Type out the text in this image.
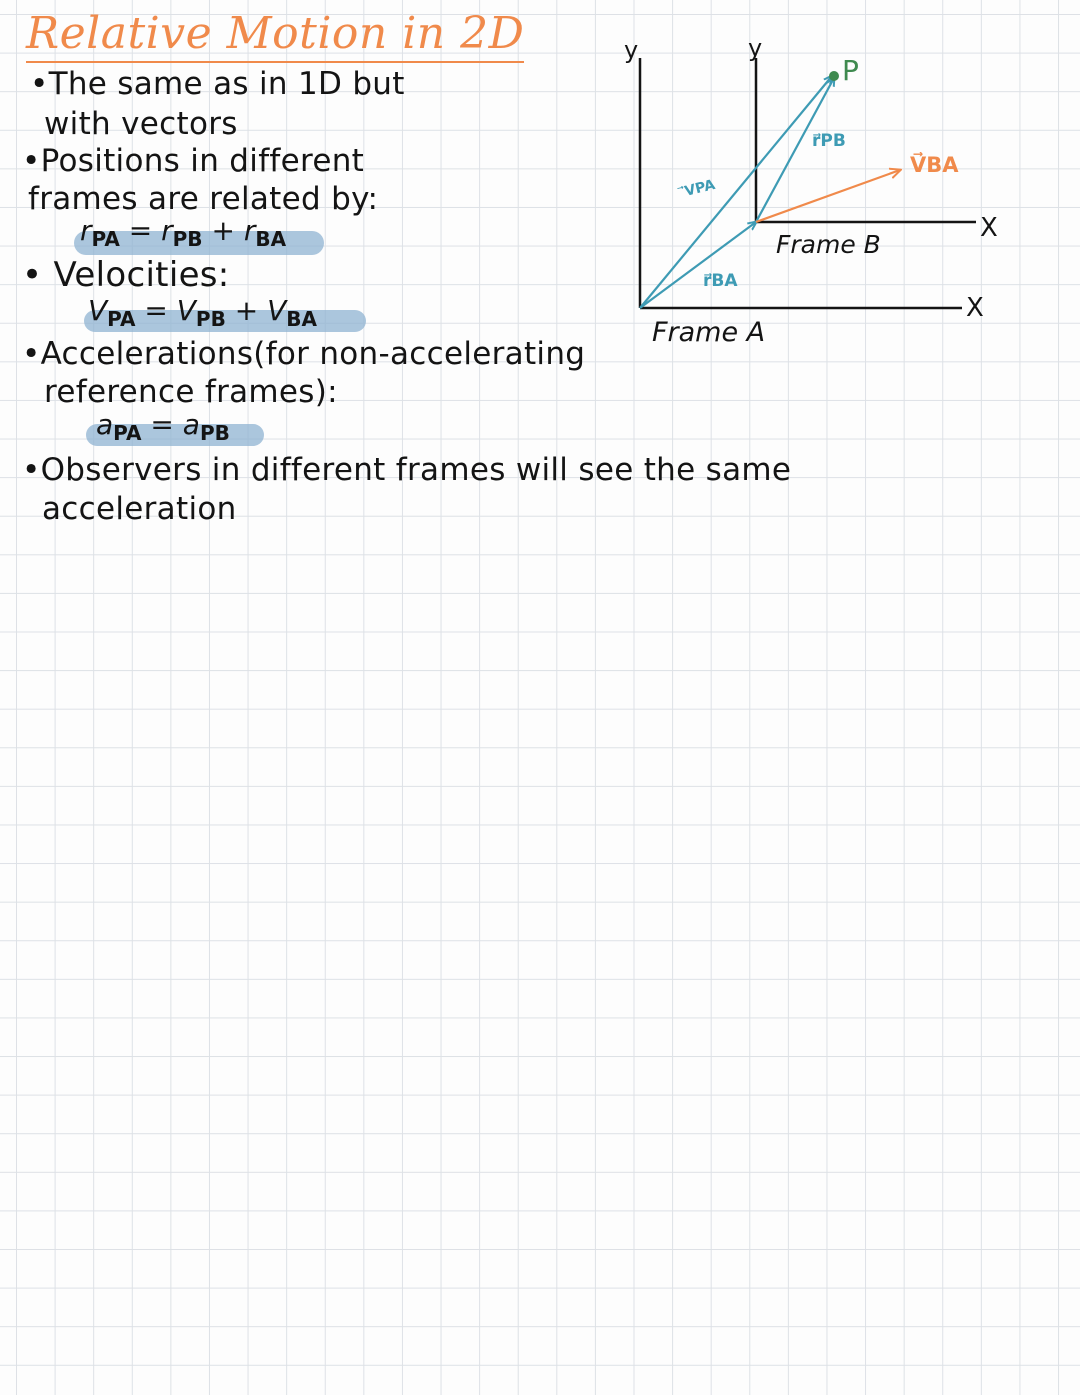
Relative Motion in 2D
•The same as in 1D but
with vectors
•Positions in different
frames are related by:
$r_{PA} = r_{PB} + r_{BA}$
• Velocities:
$V_{PA} = V_{PB} + V_{BA}$
•Accelerations(for non-accelerating
reference frames):
$a_{PA} = a_{PB}$
•Observers in different frames will see the same
acceleration
y
X
Frame A
y
X
Frame B
P
⃗VPA
r⃗PB
r⃗BA
V⃗BA
